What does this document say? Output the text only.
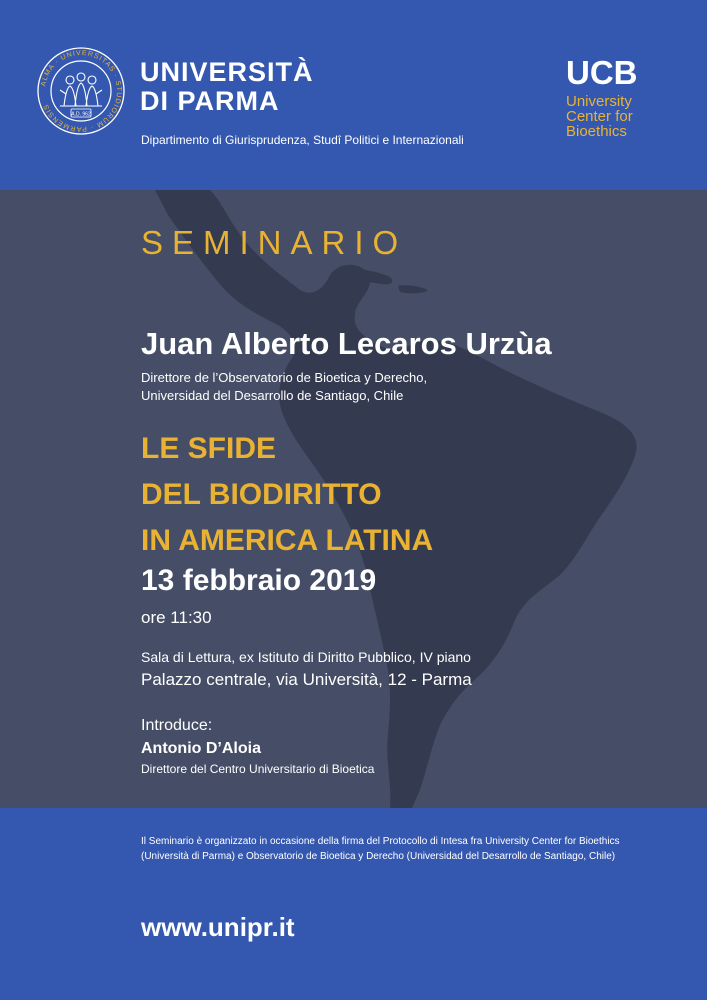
ALMA · UNIVERSITAS · STUDIORUM · PARMENSIS
A.D. 962
UNIVERSITÀ
DI PARMA
Dipartimento di Giurisprudenza, Studî Politici e Internazionali
UCB
University
Center for
Bioethics
SEMINARIO
Juan Alberto Lecaros Urzùa
Direttore de l’Observatorio de Bioetica y Derecho,
Universidad del Desarrollo de Santiago, Chile
LE SFIDE
DEL BIODIRITTO
IN AMERICA LATINA
13 febbraio 2019
ore 11:30
Sala di Lettura, ex Istituto di Diritto Pubblico, IV piano
Palazzo centrale, via Università, 12 - Parma
Introduce:
Antonio D’Aloia
Direttore del Centro Universitario di Bioetica
Il Seminario è organizzato in occasione della firma del Protocollo di Intesa fra University Center for Bioethics
(Università di Parma) e Observatorio de Bioetica y Derecho (Universidad del Desarrollo de Santiago, Chile)
www.unipr.it
